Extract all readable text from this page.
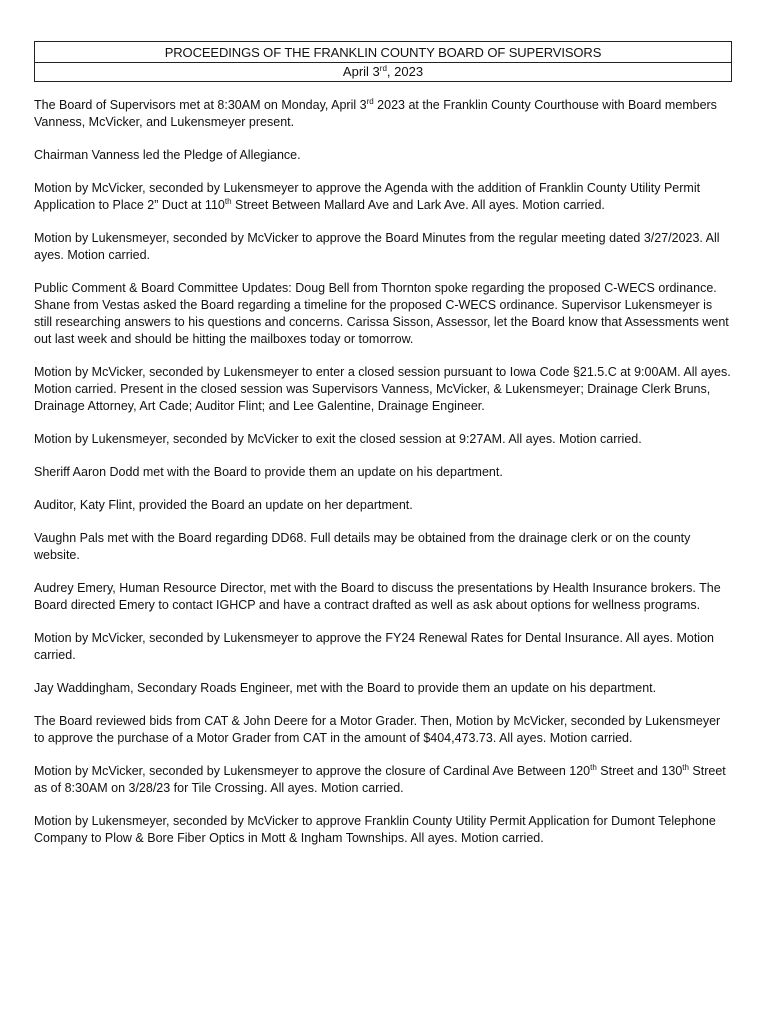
PROCEEDINGS OF THE FRANKLIN COUNTY BOARD OF SUPERVISORS
April 3rd, 2023

The Board of Supervisors met at 8:30AM on Monday, April 3rd 2023 at the Franklin County Courthouse with Board members Vanness, McVicker, and Lukensmeyer present.

Chairman Vanness led the Pledge of Allegiance.

Motion by McVicker, seconded by Lukensmeyer to approve the Agenda with the addition of Franklin County Utility Permit Application to Place 2” Duct at 110th Street Between Mallard Ave and Lark Ave. All ayes. Motion carried.

Motion by Lukensmeyer, seconded by McVicker to approve the Board Minutes from the regular meeting dated 3/27/2023. All ayes. Motion carried.

Public Comment & Board Committee Updates: Doug Bell from Thornton spoke regarding the proposed C-WECS ordinance. Shane from Vestas asked the Board regarding a timeline for the proposed C-WECS ordinance. Supervisor Lukensmeyer is still researching answers to his questions and concerns. Carissa Sisson, Assessor, let the Board know that Assessments went out last week and should be hitting the mailboxes today or tomorrow.

Motion by McVicker, seconded by Lukensmeyer to enter a closed session pursuant to Iowa Code §21.5.C at 9:00AM. All ayes. Motion carried. Present in the closed session was Supervisors Vanness, McVicker, & Lukensmeyer; Drainage Clerk Bruns, Drainage Attorney, Art Cade; Auditor Flint; and Lee Galentine, Drainage Engineer.

Motion by Lukensmeyer, seconded by McVicker to exit the closed session at 9:27AM. All ayes. Motion carried.

Sheriff Aaron Dodd met with the Board to provide them an update on his department.

Auditor, Katy Flint, provided the Board an update on her department.

Vaughn Pals met with the Board regarding DD68. Full details may be obtained from the drainage clerk or on the county website.

Audrey Emery, Human Resource Director, met with the Board to discuss the presentations by Health Insurance brokers. The Board directed Emery to contact IGHCP and have a contract drafted as well as ask about options for wellness programs.

Motion by McVicker, seconded by Lukensmeyer to approve the FY24 Renewal Rates for Dental Insurance. All ayes. Motion carried.

Jay Waddingham, Secondary Roads Engineer, met with the Board to provide them an update on his department.

The Board reviewed bids from CAT & John Deere for a Motor Grader. Then, Motion by McVicker, seconded by Lukensmeyer to approve the purchase of a Motor Grader from CAT in the amount of $404,473.73. All ayes. Motion carried.

Motion by McVicker, seconded by Lukensmeyer to approve the closure of Cardinal Ave Between 120th Street and 130th Street as of 8:30AM on 3/28/23 for Tile Crossing. All ayes. Motion carried.

Motion by Lukensmeyer, seconded by McVicker to approve Franklin County Utility Permit Application for Dumont Telephone Company to Plow & Bore Fiber Optics in Mott & Ingham Townships. All ayes. Motion carried.
